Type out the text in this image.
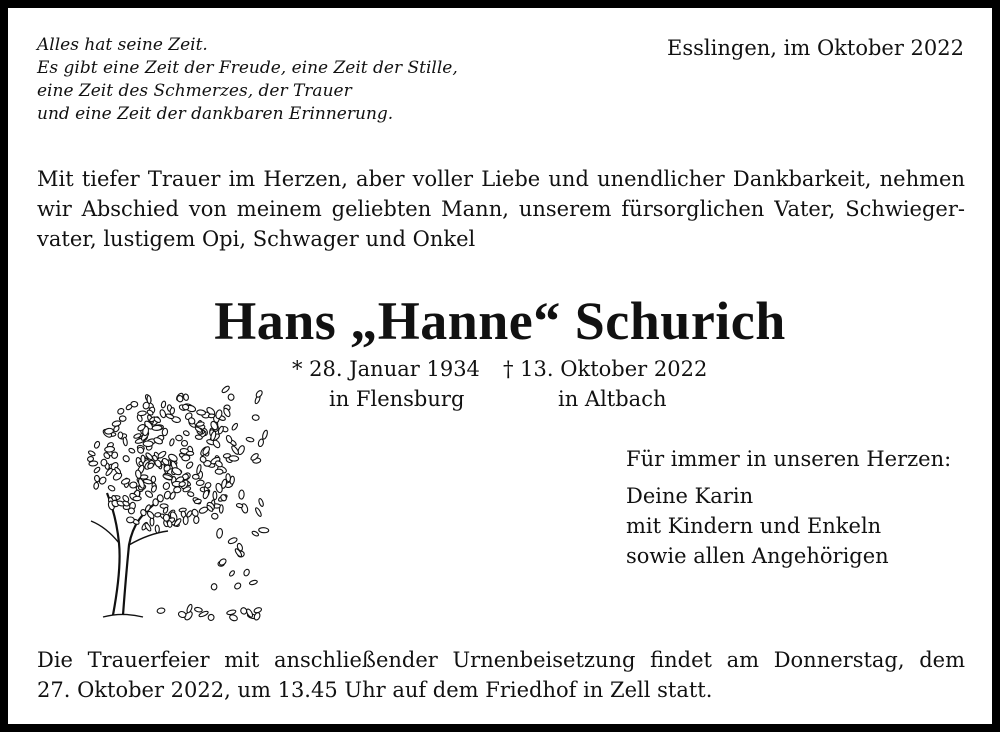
Alles hat seine Zeit.
Es gibt eine Zeit der Freude, eine Zeit der Stille,
eine Zeit des Schmerzes, der Trauer
und eine Zeit der dankbaren Erinnerung.
Esslingen, im Oktober 2022
Mit tiefer Trauer im Herzen, aber voller Liebe und unendlicher Dankbarkeit, nehmen
wir Abschied von meinem geliebten Mann, unserem fürsorglichen Vater, Schwieger-
vater, lustigem Opi, Schwager und Onkel
Hans „Hanne“ Schurich
* 28. Januar 1934
in Flensburg
† 13. Oktober 2022
in Altbach
Für immer in unseren Herzen:
Deine Karin
mit Kindern und Enkeln
sowie allen Angehörigen
Die Trauerfeier mit anschließender Urnenbeisetzung findet am Donnerstag, dem
27. Oktober 2022, um 13.45 Uhr auf dem Friedhof in Zell statt.
